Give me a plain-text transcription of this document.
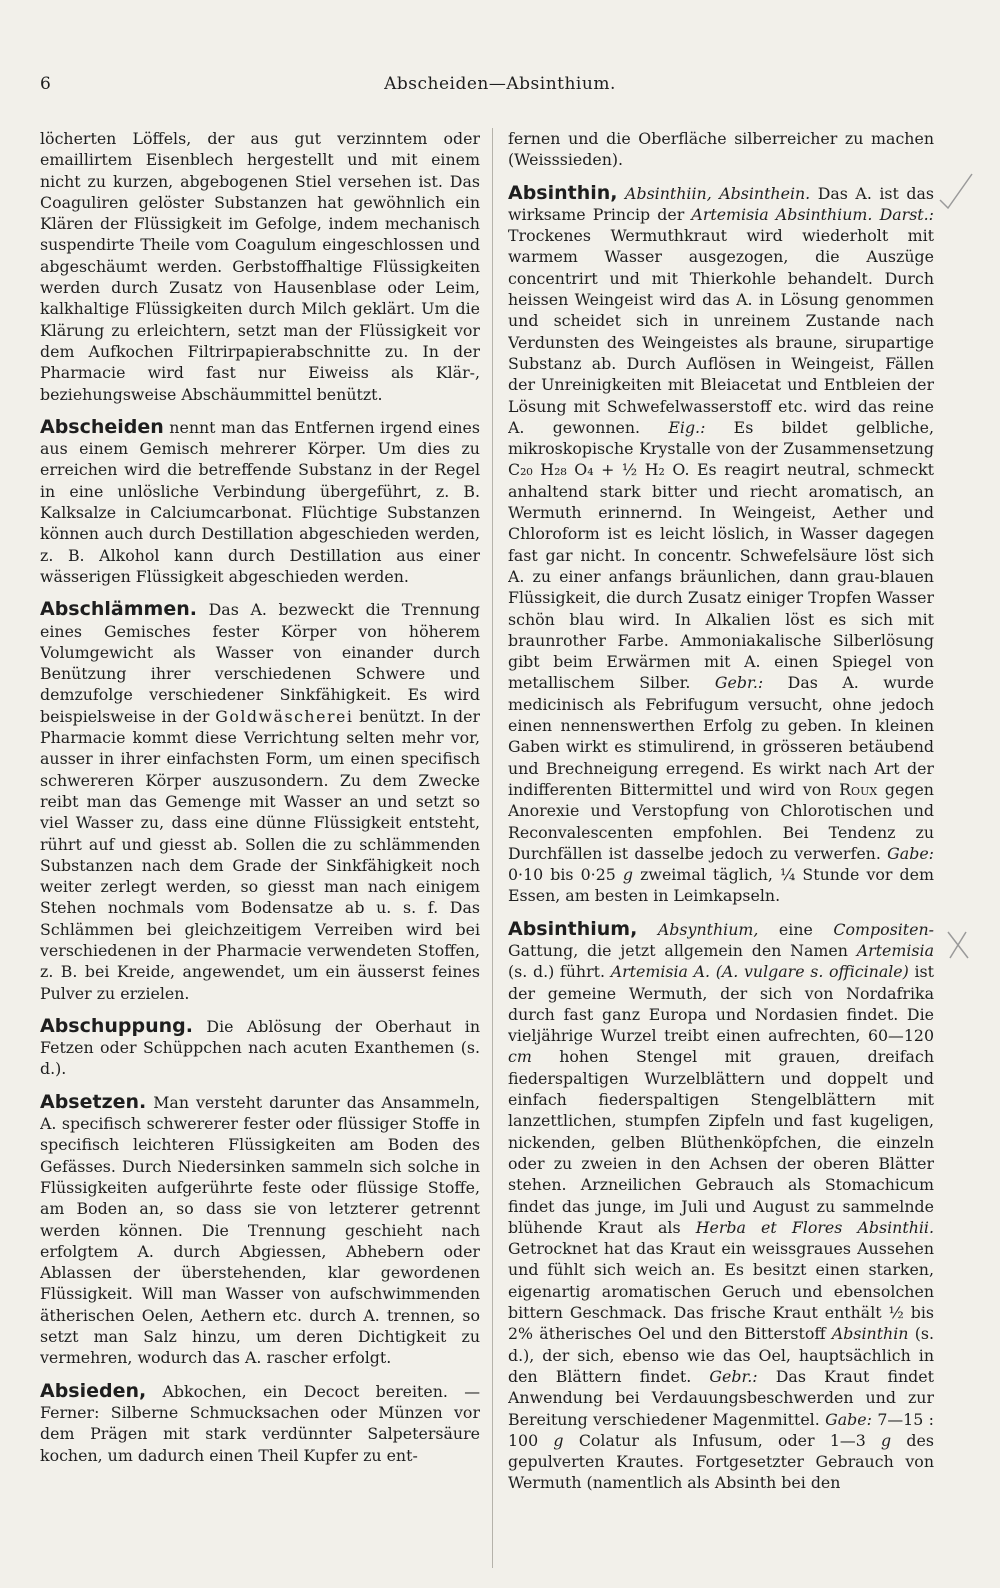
6	Abscheiden—Absinthium.

löcherten Löffels, der aus gut verzinntem oder emaillirtem Eisenblech hergestellt und mit einem nicht zu kurzen, abgebogenen Stiel versehen ist. Das Coaguliren gelöster Substanzen hat gewöhnlich ein Klären der Flüssigkeit im Gefolge, indem mechanisch suspendirte Theile vom Coagulum eingeschlossen und abgeschäumt werden. Gerbstoffhaltige Flüssigkeiten werden durch Zusatz von Hausenblase oder Leim, kalkhaltige Flüssigkeiten durch Milch geklärt. Um die Klärung zu erleichtern, setzt man der Flüssigkeit vor dem Aufkochen Filtrirpapierabschnitte zu. In der Pharmacie wird fast nur Eiweiss als Klär-, beziehungsweise Abschäummittel benützt.

Abscheiden nennt man das Entfernen irgend eines aus einem Gemisch mehrerer Körper. Um dies zu erreichen wird die betreffende Substanz in der Regel in eine unlösliche Verbindung übergeführt, z. B. Kalksalze in Calciumcarbonat. Flüchtige Substanzen können auch durch Destillation abgeschieden werden, z. B. Alkohol kann durch Destillation aus einer wässerigen Flüssigkeit abgeschieden werden.

Abschlämmen. Das A. bezweckt die Trennung eines Gemisches fester Körper von höherem Volumgewicht als Wasser von einander durch Benützung ihrer verschiedenen Schwere und demzufolge verschiedener Sinkfähigkeit. Es wird beispielsweise in der Goldwäscherei benützt. In der Pharmacie kommt diese Verrichtung selten mehr vor, ausser in ihrer einfachsten Form, um einen specifisch schwereren Körper auszusondern. Zu dem Zwecke reibt man das Gemenge mit Wasser an und setzt so viel Wasser zu, dass eine dünne Flüssigkeit entsteht, rührt auf und giesst ab. Sollen die zu schlämmenden Substanzen nach dem Grade der Sinkfähigkeit noch weiter zerlegt werden, so giesst man nach einigem Stehen nochmals vom Bodensatze ab u. s. f. Das Schlämmen bei gleichzeitigem Verreiben wird bei verschiedenen in der Pharmacie verwendeten Stoffen, z. B. bei Kreide, angewendet, um ein äusserst feines Pulver zu erzielen.

Abschuppung. Die Ablösung der Oberhaut in Fetzen oder Schüppchen nach acuten Exanthemen (s. d.).

Absetzen. Man versteht darunter das Ansammeln, A. specifisch schwererer fester oder flüssiger Stoffe in specifisch leichteren Flüssigkeiten am Boden des Gefässes. Durch Niedersinken sammeln sich solche in Flüssigkeiten aufgerührte feste oder flüssige Stoffe, am Boden an, so dass sie von letzterer getrennt werden können. Die Trennung geschieht nach erfolgtem A. durch Abgiessen, Abhebern oder Ablassen der überstehenden, klar gewordenen Flüssigkeit. Will man Wasser von aufschwimmenden ätherischen Oelen, Aethern etc. durch A. trennen, so setzt man Salz hinzu, um deren Dichtigkeit zu vermehren, wodurch das A. rascher erfolgt.

Absieden, Abkochen, ein Decoct bereiten. — Ferner: Silberne Schmucksachen oder Münzen vor dem Prägen mit stark verdünnter Salpetersäure kochen, um dadurch einen Theil Kupfer zu ent-

fernen und die Oberfläche silberreicher zu machen (Weisssieden).

Absinthin, Absinthiin, Absinthein. Das A. ist das wirksame Princip der Artemisia Absinthium. Darst.: Trockenes Wermuthkraut wird wiederholt mit warmem Wasser ausgezogen, die Auszüge concentrirt und mit Thierkohle behandelt. Durch heissen Weingeist wird das A. in Lösung genommen und scheidet sich in unreinem Zustande nach Verdunsten des Weingeistes als braune, sirupartige Substanz ab. Durch Auflösen in Weingeist, Fällen der Unreinigkeiten mit Bleiacetat und Entbleien der Lösung mit Schwefelwasserstoff etc. wird das reine A. gewonnen. Eig.: Es bildet gelbliche, mikroskopische Krystalle von der Zusammensetzung C₂₀ H₂₈ O₄ + ½ H₂ O. Es reagirt neutral, schmeckt anhaltend stark bitter und riecht aromatisch, an Wermuth erinnernd. In Weingeist, Aether und Chloroform ist es leicht löslich, in Wasser dagegen fast gar nicht. In concentr. Schwefelsäure löst sich A. zu einer anfangs bräunlichen, dann grau-blauen Flüssigkeit, die durch Zusatz einiger Tropfen Wasser schön blau wird. In Alkalien löst es sich mit braunrother Farbe. Ammoniakalische Silberlösung gibt beim Erwärmen mit A. einen Spiegel von metallischem Silber. Gebr.: Das A. wurde medicinisch als Febrifugum versucht, ohne jedoch einen nennenswerthen Erfolg zu geben. In kleinen Gaben wirkt es stimulirend, in grösseren betäubend und Brechneigung erregend. Es wirkt nach Art der indifferenten Bittermittel und wird von Roux gegen Anorexie und Verstopfung von Chlorotischen und Reconvalescenten empfohlen. Bei Tendenz zu Durchfällen ist dasselbe jedoch zu verwerfen. Gabe: 0·10 bis 0·25 g zweimal täglich, ¼ Stunde vor dem Essen, am besten in Leimkapseln.

Absinthium, Absynthium, eine Compositen-Gattung, die jetzt allgemein den Namen Artemisia (s. d.) führt. Artemisia A. (A. vulgare s. officinale) ist der gemeine Wermuth, der sich von Nordafrika durch fast ganz Europa und Nordasien findet. Die vieljährige Wurzel treibt einen aufrechten, 60—120 cm hohen Stengel mit grauen, dreifach fiederspaltigen Wurzelblättern und doppelt und einfach fiederspaltigen Stengelblättern mit lanzettlichen, stumpfen Zipfeln und fast kugeligen, nickenden, gelben Blüthenköpfchen, die einzeln oder zu zweien in den Achsen der oberen Blätter stehen. Arzneilichen Gebrauch als Stomachicum findet das junge, im Juli und August zu sammelnde blühende Kraut als Herba et Flores Absinthii. Getrocknet hat das Kraut ein weissgraues Aussehen und fühlt sich weich an. Es besitzt einen starken, eigenartig aromatischen Geruch und ebensolchen bittern Geschmack. Das frische Kraut enthält ½ bis 2% ätherisches Oel und den Bitterstoff Absinthin (s. d.), der sich, ebenso wie das Oel, hauptsächlich in den Blättern findet. Gebr.: Das Kraut findet Anwendung bei Verdauungsbeschwerden und zur Bereitung verschiedener Magenmittel. Gabe: 7—15 : 100 g Colatur als Infusum, oder 1—3 g des gepulverten Krautes. Fortgesetzter Gebrauch von Wermuth (namentlich als Absinth bei den
